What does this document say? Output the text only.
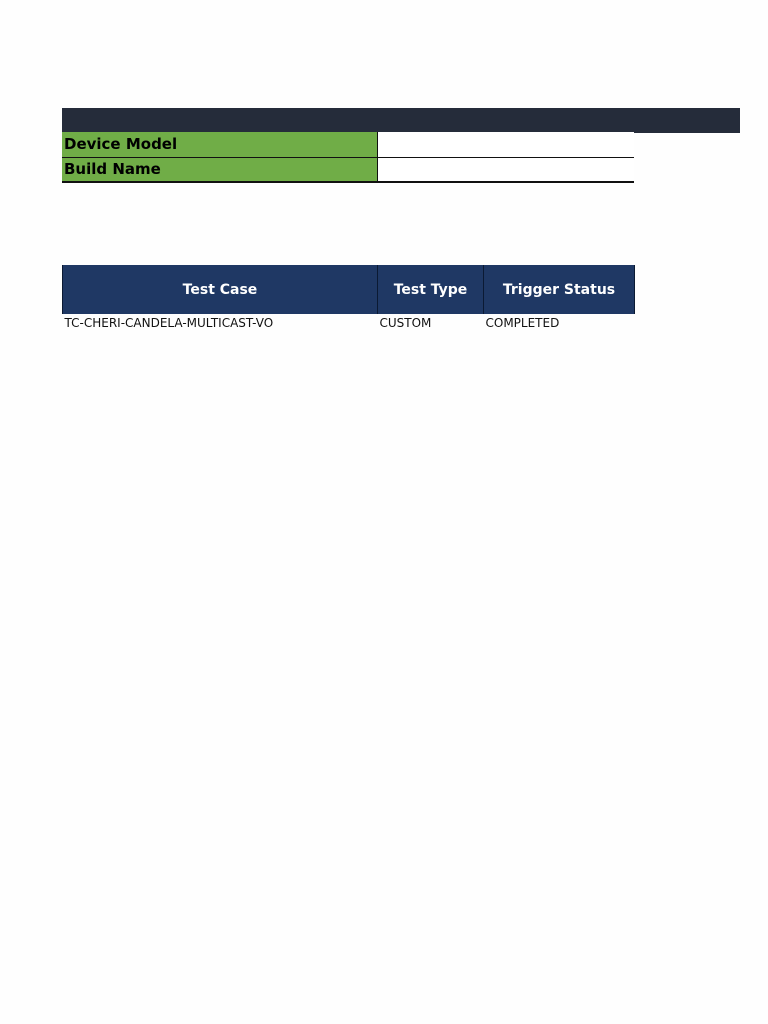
Device Model	
Build Name	
Test Case	Test Type	Trigger Status
TC-CHERI-CANDELA-MULTICAST-VO	CUSTOM	COMPLETED
